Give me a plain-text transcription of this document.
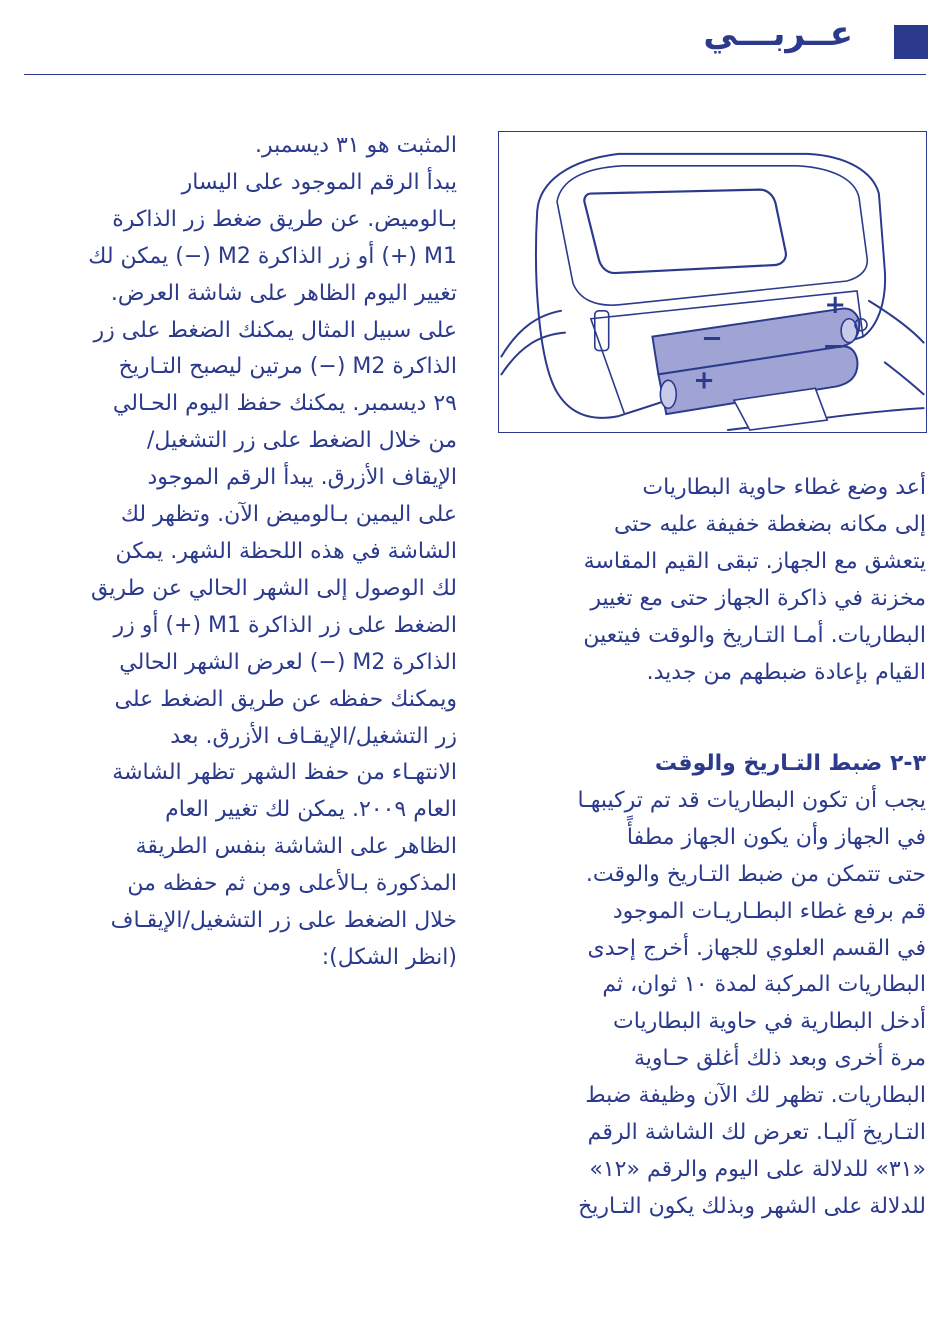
عــربـــي
+
−	−
+

المثبت هو ٣١ ديسمبر.

يبدأ الرقم الموجود على اليسار

بـالوميض. عن طريق ضغط زر الذاكرة

M1 (+) أو زر الذاكرة M2 (−) يمكن لك

تغيير اليوم الظاهر على شاشة العرض.

على سبيل المثال يمكنك الضغط على زر

الذاكرة M2 (−) مرتين ليصبح التـاريخ

٢٩ ديسمبر. يمكنك حفظ اليوم الحـالي

من خلال الضغط على زر التشغيل/

الإيقاف الأزرق. يبدأ الرقم الموجود

على اليمين بـالوميض الآن. وتظهر لك

الشاشة في هذه اللحظة الشهر. يمكن

لك الوصول إلى الشهر الحالي عن طريق

الضغط على زر الذاكرة M1 (+) أو زر

الذاكرة M2 (−) لعرض الشهر الحالي

ويمكنك حفظه عن طريق الضغط على

زر التشغيل/الإيقـاف الأزرق. بعد

الانتهـاء من حفظ الشهر تظهر الشاشة

العام ٢٠٠٩. يمكن لك تغيير العام

الظاهر على الشاشة بنفس الطريقة

المذكورة بـالأعلى ومن ثم حفظه من

خلال الضغط على زر التشغيل/الإيقـاف

(انظر الشكل):

أعد وضع غطاء حاوية البطاريات

إلى مكانه بضغطة خفيفة عليه حتى

يتعشق مع الجهاز. تبقى القيم المقاسة

مخزنة في ذاكرة الجهاز حتى مع تغيير

البطاريات. أمـا التـاريخ والوقت فيتعين

القيام بإعادة ضبطهم من جديد.

٣-٢ ضبط التـاريخ والوقت

يجب أن تكون البطاريات قد تم تركيبهـا

في الجهاز وأن يكون الجهاز مطفأً

حتى تتمكن من ضبط التـاريخ والوقت.

قم برفع غطاء البطـاريـات الموجود

في القسم العلوي للجهاز. أخرج إحدى

البطاريات المركبة لمدة ١٠ ثوان، ثم

أدخل البطارية في حاوية البطاريات

مرة أخرى وبعد ذلك أغلق حـاوية

البطاريات. تظهر لك الآن وظيفة ضبط

التـاريخ آليـا. تعرض لك الشاشة الرقم

«٣١» للدلالة على اليوم والرقم «١٢»

للدلالة على الشهر وبذلك يكون التـاريخ
